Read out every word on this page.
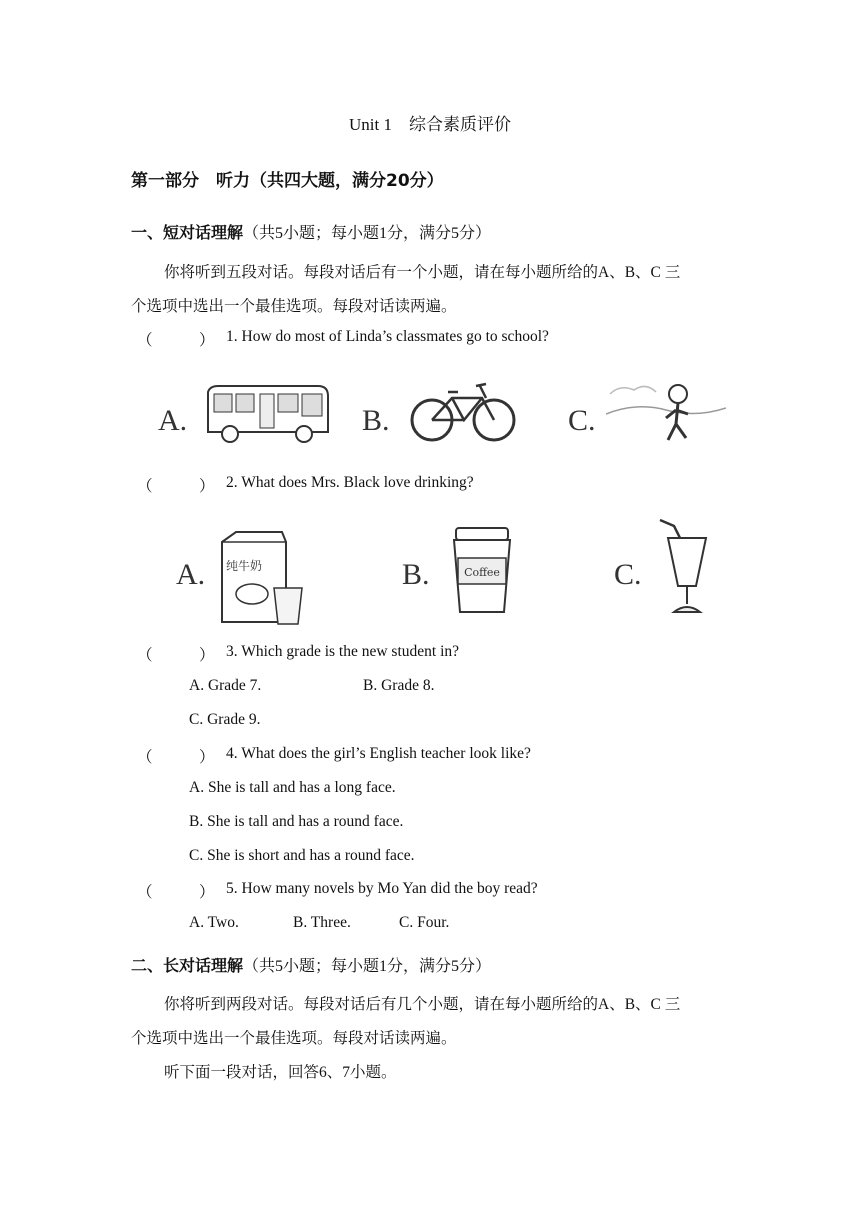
Unit 1　综合素质评价
第一部分　听力（共四大题，满分20分）
一、短对话理解（共5小题；每小题1分，满分5分）
你将听到五段对话。每段对话后有一个小题，请在每小题所给的A、B、C 三
个选项中选出一个最佳选项。每段对话读两遍。
（　　　） 1. How do most of Linda’s classmates go to school?
A.	B.	C.
（　　　） 2. What does Mrs. Black love drinking?
A. 纯牛奶	B.	Coffee	C.
（　　　） 3. Which grade is the new student in?
A. Grade 7.	B. Grade 8.
C. Grade 9.
（　　　） 4. What does the girl’s English teacher look like?
A. She is tall and has a long face.
B. She is tall and has a round face.
C. She is short and has a round face.
（　　　） 5. How many novels by Mo Yan did the boy read?
A. Two.	B. Three.	C. Four.
二、长对话理解（共5小题；每小题1分，满分5分）
你将听到两段对话。每段对话后有几个小题，请在每小题所给的A、B、C 三
个选项中选出一个最佳选项。每段对话读两遍。
听下面一段对话，回答6、7小题。
